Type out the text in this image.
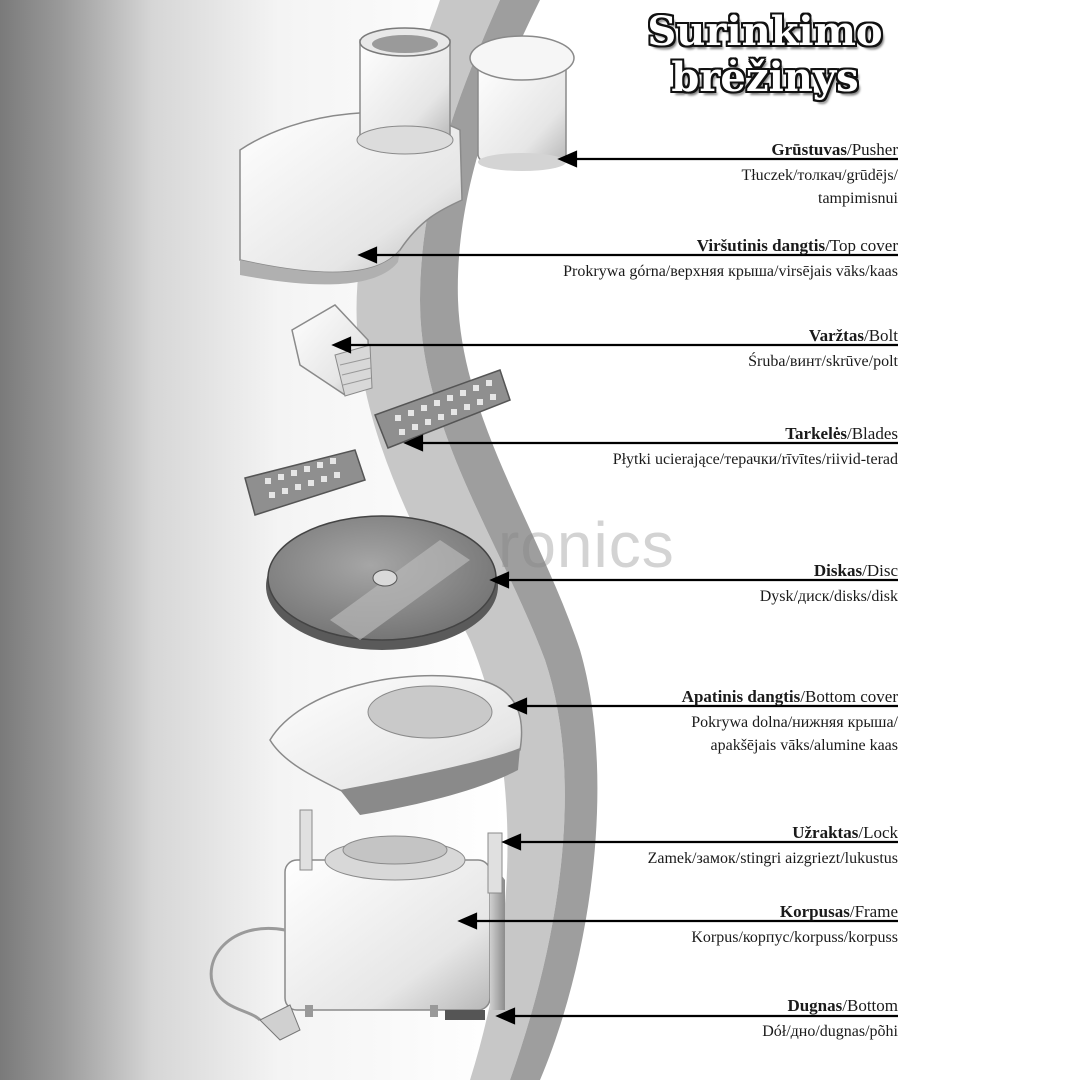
ronics
Surinkimo
brėžinys
Grūstuvas/Pusher
Tłuczek/толкач/grūdējs/
tampimisnui
Viršutinis dangtis/Top cover
Prokrywa górna/верхняя крыша/virsējais vāks/kaas
Varžtas/Bolt
Śruba/винт/skrūve/polt
Tarkelės/Blades
Płytki ucierające/терачки/rīvītes/riivid-terad
Diskas/Disc
Dysk/диск/disks/disk
Apatinis dangtis/Bottom cover
Pokrywa dolna/нижняя крыша/
apakšējais vāks/alumine kaas
Užraktas/Lock
Zamek/замок/stingri aizgriezt/lukustus
Korpusas/Frame
Korpus/корпус/korpuss/korpuss
Dugnas/Bottom
Dół/дно/dugnas/põhi
